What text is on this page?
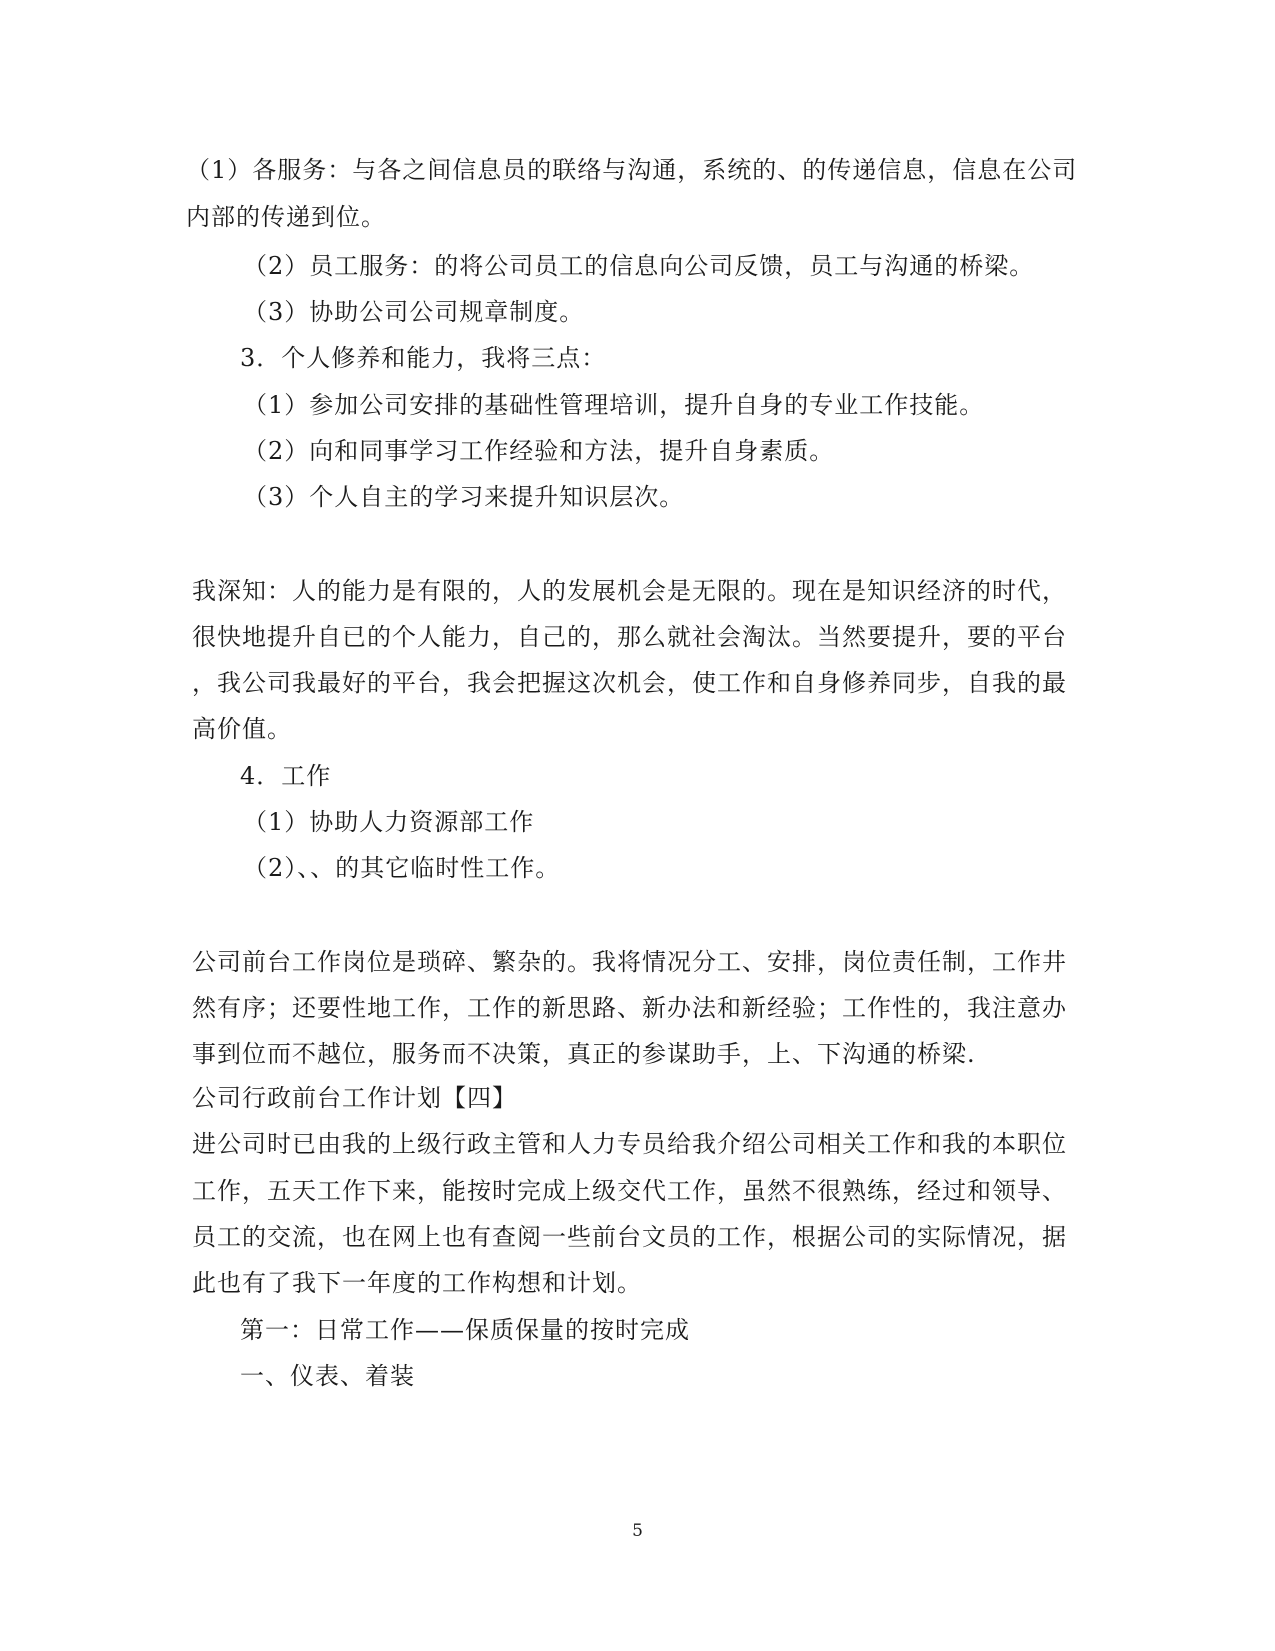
（1）各服务：与各之间信息员的联络与沟通，系统的、的传递信息，信息在公司
内部的传递到位。
（2）员工服务：的将公司员工的信息向公司反馈，员工与沟通的桥梁。
（3）协助公司公司规章制度。
3．个人修养和能力，我将三点：
（1）参加公司安排的基础性管理培训，提升自身的专业工作技能。
（2）向和同事学习工作经验和方法，提升自身素质。
（3）个人自主的学习来提升知识层次。
我深知：人的能力是有限的，人的发展机会是无限的。现在是知识经济的时代，
很快地提升自已的个人能力，自己的，那么就社会淘汰。当然要提升，要的平台
，我公司我最好的平台，我会把握这次机会，使工作和自身修养同步，自我的最
高价值。
4．工作
（1）协助人力资源部工作
（2）、、的其它临时性工作。
公司前台工作岗位是琐碎、繁杂的。我将情况分工、安排，岗位责任制，工作井
然有序；还要性地工作，工作的新思路、新办法和新经验；工作性的，我注意办
事到位而不越位，服务而不决策，真正的参谋助手，上、下沟通的桥梁.
公司行政前台工作计划【四】
进公司时已由我的上级行政主管和人力专员给我介绍公司相关工作和我的本职位
工作，五天工作下来，能按时完成上级交代工作，虽然不很熟练，经过和领导、
员工的交流，也在网上也有查阅一些前台文员的工作，根据公司的实际情况，据
此也有了我下一年度的工作构想和计划。
第一：日常工作——保质保量的按时完成
一、仪表、着装
5
